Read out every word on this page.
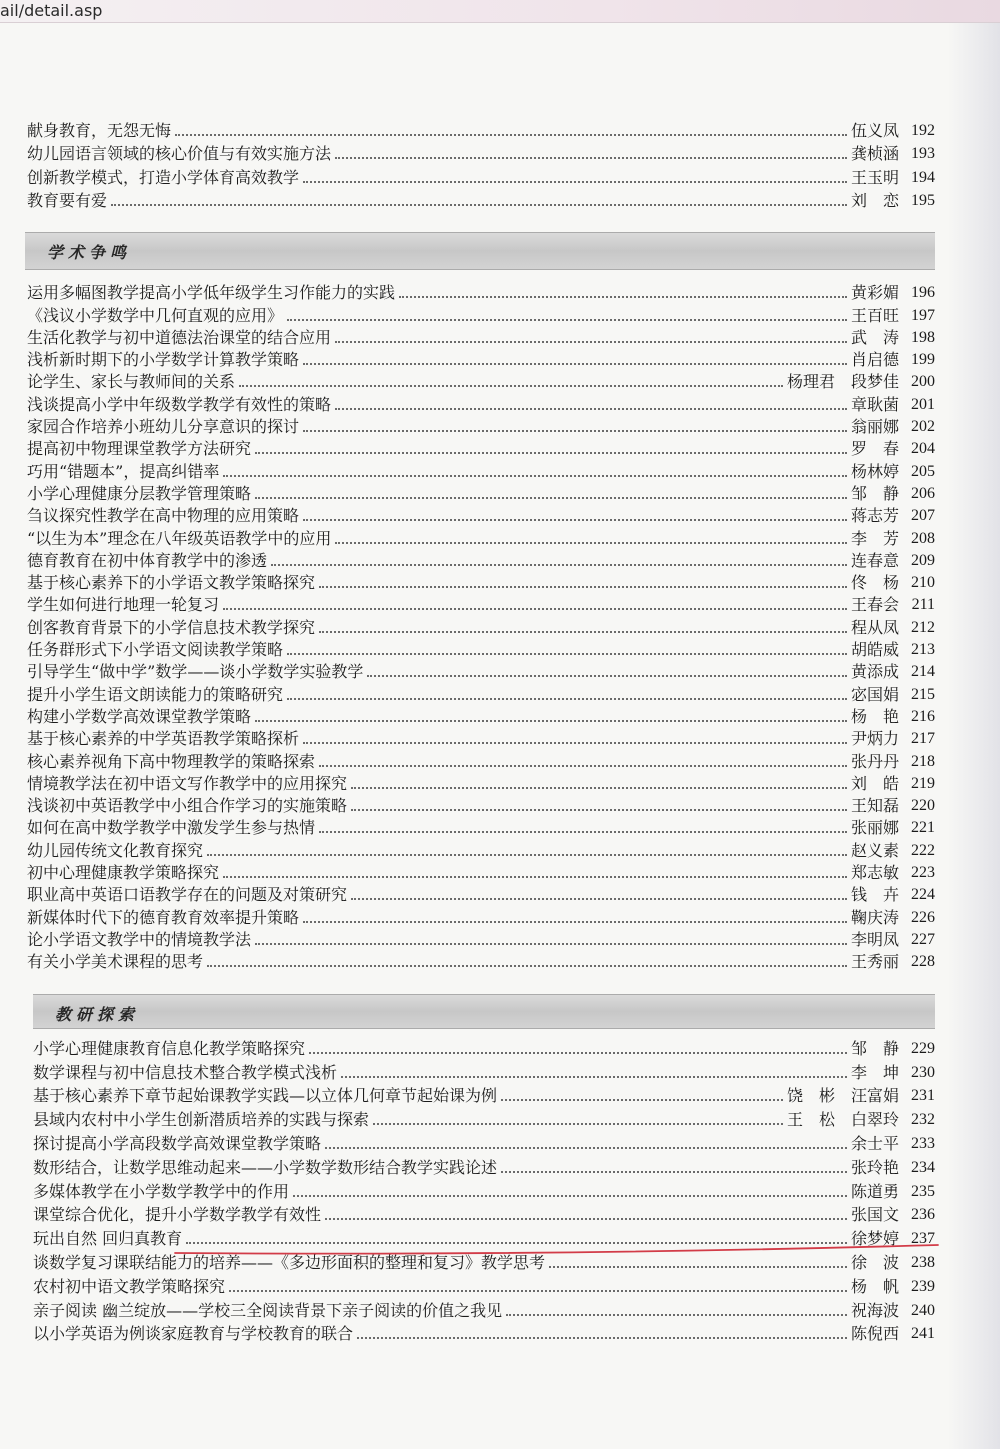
ail/detail.asp
献身教育，无怨无悔	伍义凤 192
幼儿园语言领域的核心价值与有效实施方法	龚桢涵 193
创新教学模式，打造小学体育高效教学	王玉明 194
教育要有爱	刘　恋 195
学术争鸣
运用多幅图教学提高小学低年级学生习作能力的实践	黄彩媚 196
《浅议小学数学中几何直观的应用》	王百旺 197
生活化教学与初中道德法治课堂的结合应用	武　涛 198
浅析新时期下的小学数学计算教学策略	肖启德 199
论学生、家长与教师间的关系	杨理君 段梦佳 200
浅谈提高小学中年级数学教学有效性的策略	章耿菌 201
家园合作培养小班幼儿分享意识的探讨	翁丽娜 202
提高初中物理课堂教学方法研究	罗　春 204
巧用“错题本”，提高纠错率	杨林婷 205
小学心理健康分层教学管理策略	邹　静 206
刍议探究性教学在高中物理的应用策略	蒋志芳 207
“以生为本”理念在八年级英语教学中的应用	李　芳 208
德育教育在初中体育教学中的渗透	连春意 209
基于核心素养下的小学语文教学策略探究	佟　杨 210
学生如何进行地理一轮复习	王春会 211
创客教育背景下的小学信息技术教学探究	程从凤 212
任务群形式下小学语文阅读教学策略	胡皓威 213
引导学生“做中学”数学——谈小学数学实验教学	黄添成 214
提升小学生语文朗读能力的策略研究	宓国娟 215
构建小学数学高效课堂教学策略	杨　艳 216
基于核心素养的中学英语教学策略探析	尹炳力 217
核心素养视角下高中物理教学的策略探索	张丹丹 218
情境教学法在初中语文写作教学中的应用探究	刘　皓 219
浅谈初中英语教学中小组合作学习的实施策略	王知磊 220
如何在高中数学教学中激发学生参与热情	张丽娜 221
幼儿园传统文化教育探究	赵义素 222
初中心理健康教学策略探究	郑志敏 223
职业高中英语口语教学存在的问题及对策研究	钱　卉 224
新媒体时代下的德育教育效率提升策略	鞠庆涛 226
论小学语文教学中的情境教学法	李明凤 227
有关小学美术课程的思考	王秀丽 228
教研探索
小学心理健康教育信息化教学策略探究	邹　静 229
数学课程与初中信息技术整合教学模式浅析	李　坤 230
基于核心素养下章节起始课教学实践—以立体几何章节起始课为例	饶　彬 汪富娟 231
县域内农村中小学生创新潜质培养的实践与探索	王　松 白翠玲 232
探讨提高小学高段数学高效课堂教学策略	余士平 233
数形结合，让数学思维动起来——小学数学数形结合教学实践论述	张玲艳 234
多媒体教学在小学数学教学中的作用	陈道勇 235
课堂综合优化，提升小学数学教学有效性	张国文 236
玩出自然 回归真教育	徐梦婷 237
谈数学复习课联结能力的培养——《多边形面积的整理和复习》教学思考	徐　波 238
农村初中语文教学策略探究	杨　帆 239
亲子阅读 幽兰绽放——学校三全阅读背景下亲子阅读的价值之我见	祝海波 240
以小学英语为例谈家庭教育与学校教育的联合	陈倪西 241
